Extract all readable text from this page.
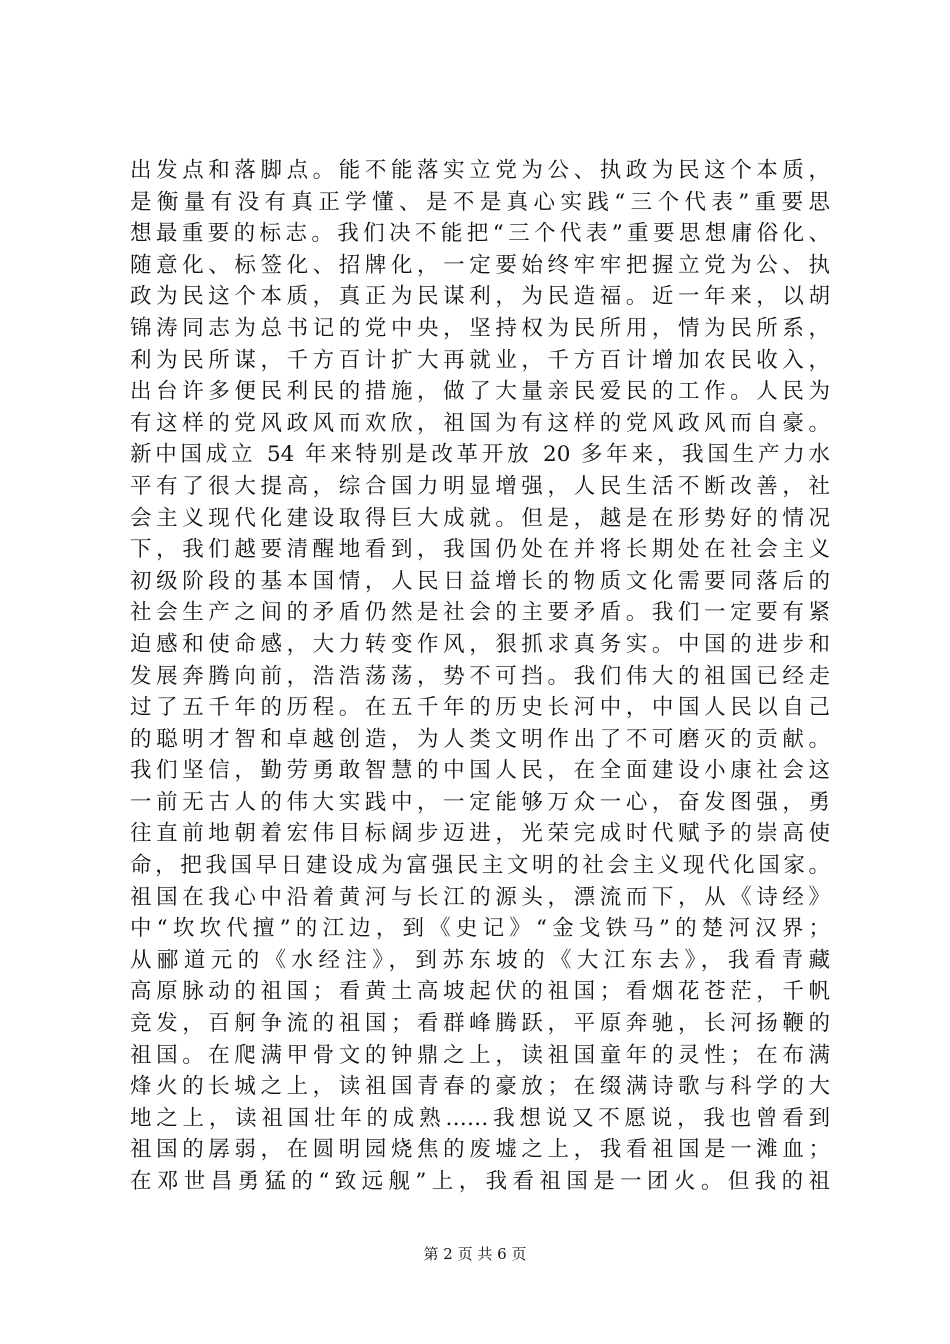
出发点和落脚点。能不能落实立党为公、执政为民这个本质，
是衡量有没有真正学懂、是不是真心实践“三个代表”重要思
想最重要的标志。我们决不能把“三个代表”重要思想庸俗化、
随意化、标签化、招牌化，一定要始终牢牢把握立党为公、执
政为民这个本质，真正为民谋利，为民造福。近一年来，以胡
锦涛同志为总书记的党中央，坚持权为民所用，情为民所系，
利为民所谋，千方百计扩大再就业，千方百计增加农民收入，
出台许多便民利民的措施，做了大量亲民爱民的工作。人民为
有这样的党风政风而欢欣，祖国为有这样的党风政风而自豪。
新中国成立 54 年来特别是改革开放 20 多年来，我国生产力水
平有了很大提高，综合国力明显增强，人民生活不断改善，社
会主义现代化建设取得巨大成就。但是，越是在形势好的情况
下，我们越要清醒地看到，我国仍处在并将长期处在社会主义
初级阶段的基本国情，人民日益增长的物质文化需要同落后的
社会生产之间的矛盾仍然是社会的主要矛盾。我们一定要有紧
迫感和使命感，大力转变作风，狠抓求真务实。中国的进步和
发展奔腾向前，浩浩荡荡，势不可挡。我们伟大的祖国已经走
过了五千年的历程。在五千年的历史长河中，中国人民以自己
的聪明才智和卓越创造，为人类文明作出了不可磨灭的贡献。
我们坚信，勤劳勇敢智慧的中国人民，在全面建设小康社会这
一前无古人的伟大实践中，一定能够万众一心，奋发图强，勇
往直前地朝着宏伟目标阔步迈进，光荣完成时代赋予的崇高使
命，把我国早日建设成为富强民主文明的社会主义现代化国家。
祖国在我心中沿着黄河与长江的源头，漂流而下，从《诗经》
中“坎坎代擅”的江边，到《史记》“金戈铁马”的楚河汉界；
从郦道元的《水经注》，到苏东坡的《大江东去》，我看青藏
高原脉动的祖国；看黄土高坡起伏的祖国；看烟花苍茫，千帆
竞发，百舸争流的祖国；看群峰腾跃，平原奔驰，长河扬鞭的
祖国。在爬满甲骨文的钟鼎之上，读祖国童年的灵性；在布满
烽火的长城之上，读祖国青春的豪放；在缀满诗歌与科学的大
地之上，读祖国壮年的成熟……我想说又不愿说，我也曾看到
祖国的孱弱，在圆明园烧焦的废墟之上，我看祖国是一滩血；
在邓世昌勇猛的“致远舰”上，我看祖国是一团火。但我的祖
第 2 页 共 6 页
